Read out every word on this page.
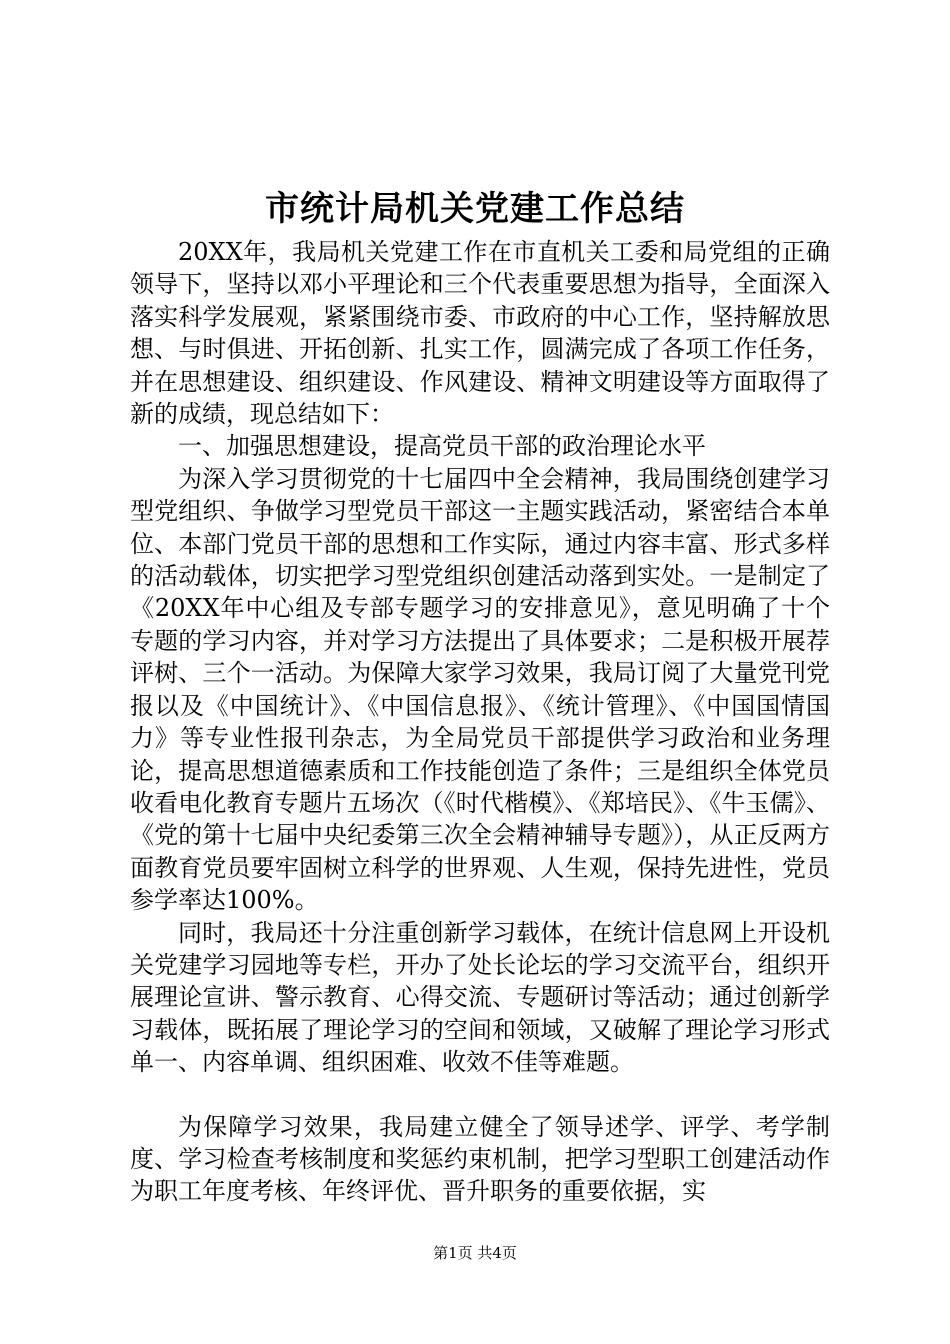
市统计局机关党建工作总结

20XX年，我局机关党建工作在市直机关工委和局党组的正确领导下，坚持以邓小平理论和三个代表重要思想为指导，全面深入落实科学发展观，紧紧围绕市委、市政府的中心工作，坚持解放思想、与时俱进、开拓创新、扎实工作，圆满完成了各项工作任务，并在思想建设、组织建设、作风建设、精神文明建设等方面取得了新的成绩，现总结如下：

一、加强思想建设，提高党员干部的政治理论水平

为深入学习贯彻党的十七届四中全会精神，我局围绕创建学习型党组织、争做学习型党员干部这一主题实践活动，紧密结合本单位、本部门党员干部的思想和工作实际，通过内容丰富、形式多样的活动载体，切实把学习型党组织创建活动落到实处。一是制定了《20XX年中心组及专部专题学习的安排意见》，意见明确了十个专题的学习内容，并对学习方法提出了具体要求；二是积极开展荐评树、三个一活动。为保障大家学习效果，我局订阅了大量党刊党报以及《中国统计》、《中国信息报》、《统计管理》、《中国国情国力》等专业性报刊杂志，为全局党员干部提供学习政治和业务理论，提高思想道德素质和工作技能创造了条件；三是组织全体党员收看电化教育专题片五场次（《时代楷模》、《郑培民》、《牛玉儒》、《党的第十七届中央纪委第三次全会精神辅导专题》），从正反两方面教育党员要牢固树立科学的世界观、人生观，保持先进性，党员参学率达100%。

同时，我局还十分注重创新学习载体，在统计信息网上开设机关党建学习园地等专栏，开办了处长论坛的学习交流平台，组织开展理论宣讲、警示教育、心得交流、专题研讨等活动；通过创新学习载体，既拓展了理论学习的空间和领域，又破解了理论学习形式单一、内容单调、组织困难、收效不佳等难题。

为保障学习效果，我局建立健全了领导述学、评学、考学制度、学习检查考核制度和奖惩约束机制，把学习型职工创建活动作为职工年度考核、年终评优、晋升职务的重要依据，实

第1页 共4页
